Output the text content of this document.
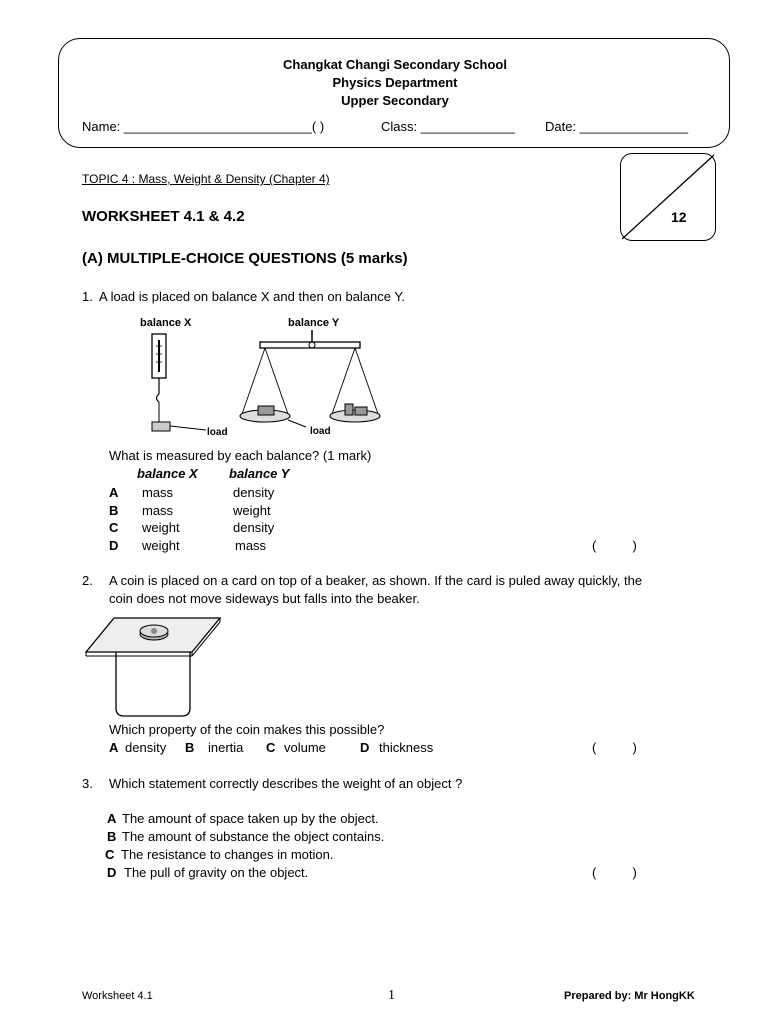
Changkat Changi Secondary School
Physics Department
Upper Secondary
Name: __________________________( )	Class: _____________ Date: _______________
TOPIC 4 : Mass, Weight & Density (Chapter 4)
WORKSHEET 4.1 & 4.2	12
(A) MULTIPLE-CHOICE QUESTIONS (5 marks)
1. A load is placed on balance X and then on balance Y.
balance X
load
balance Y
load
What is measured by each balance? (1 mark)
balance X balance Y
A mass	density
B mass	weight
C weight	density
D weight	mass	(          )
2. A coin is placed on a card on top of a beaker, as shown. If the card is puled away quickly, the
coin does not move sideways but falls into the beaker.
Which property of the coin makes this possible?
A density B inertia C volume	D thickness	(          )
3. Which statement correctly describes the weight of an object ?
A The amount of space taken up by the object.
B The amount of substance the object contains.
C The resistance to changes in motion.
D The pull of gravity on the object.	(          )
Worksheet 4.1	1	Prepared by: Mr HongKK
